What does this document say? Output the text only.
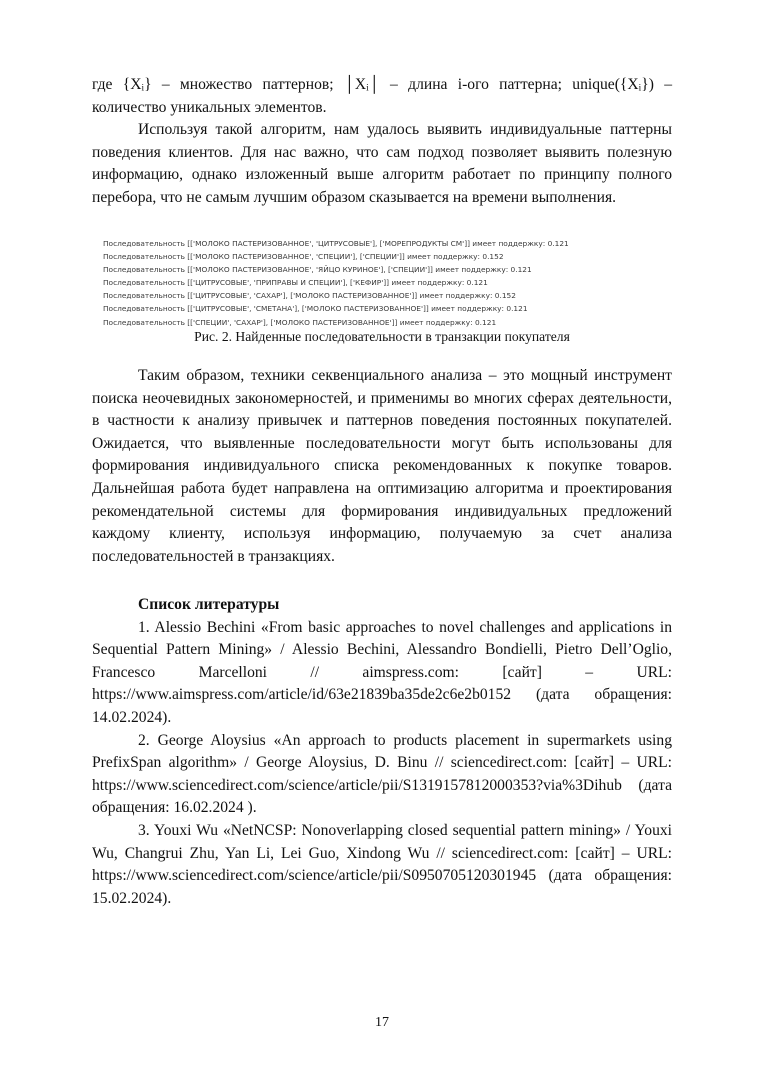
где {Xᵢ} – множество паттернов; │Xᵢ│ – длина i-ого паттерна; unique({Xᵢ}) – количество уникальных элементов.

Используя такой алгоритм, нам удалось выявить индивидуальные паттерны поведения клиентов. Для нас важно, что сам подход позволяет выявить полезную информацию, однако изложенный выше алгоритм работает по принципу полного перебора, что не самым лучшим образом сказывается на времени выполнения.

Последовательность [['МОЛОКО ПАСТЕРИЗОВАННОЕ', 'ЦИТРУСОВЫЕ'], ['МОРЕПРОДУКТЫ СМ']] имеет поддержку: 0.121
Последовательность [['МОЛОКО ПАСТЕРИЗОВАННОЕ', 'СПЕЦИИ'], ['СПЕЦИИ']] имеет поддержку: 0.152
Последовательность [['МОЛОКО ПАСТЕРИЗОВАННОЕ', 'ЯЙЦО КУРИНОЕ'], ['СПЕЦИИ']] имеет поддержку: 0.121
Последовательность [['ЦИТРУСОВЫЕ', 'ПРИПРАВЫ И СПЕЦИИ'], ['КЕФИР']] имеет поддержку: 0.121
Последовательность [['ЦИТРУСОВЫЕ', 'САХАР'], ['МОЛОКО ПАСТЕРИЗОВАННОЕ']] имеет поддержку: 0.152
Последовательность [['ЦИТРУСОВЫЕ', 'СМЕТАНА'], ['МОЛОКО ПАСТЕРИЗОВАННОЕ']] имеет поддержку: 0.121
Последовательность [['СПЕЦИИ', 'САХАР'], ['МОЛОКО ПАСТЕРИЗОВАННОЕ']] имеет поддержку: 0.121
Рис. 2. Найденные последовательности в транзакции покупателя

Таким образом, техники секвенциального анализа – это мощный инструмент поиска неочевидных закономерностей, и применимы во многих сферах деятельности, в частности к анализу привычек и паттернов поведения постоянных покупателей. Ожидается, что выявленные последовательности могут быть использованы для формирования индивидуального списка рекомендованных к покупке товаров. Дальнейшая работа будет направлена на оптимизацию алгоритма и проектирования рекомендательной системы для формирования индивидуальных предложений каждому клиенту, используя информацию, получаемую за счет анализа последовательностей в транзакциях.

Список литературы

1. Alessio Bechini «From basic approaches to novel challenges and applications in Sequential Pattern Mining» / Alessio Bechini, Alessandro Bondielli, Pietro Dell’Oglio, Francesco Marcelloni // aimspress.com: [сайт] – URL: https://www.aimspress.com/article/id/63e21839ba35de2c6e2b0152 (дата обращения: 14.02.2024).

2. George Aloysius «An approach to products placement in supermarkets using PrefixSpan algorithm» / George Aloysius, D. Binu // sciencedirect.com: [сайт] – URL: https://www.sciencedirect.com/science/article/pii/S1319157812000353?via%3Dihub (дата обращения: 16.02.2024 ).

3. Youxi Wu «NetNCSP: Nonoverlapping closed sequential pattern mining» / Youxi Wu, Changrui Zhu, Yan Li, Lei Guo, Xindong Wu // sciencedirect.com: [сайт] – URL: https://www.sciencedirect.com/science/article/pii/S0950705120301945 (дата обращения: 15.02.2024).

17
